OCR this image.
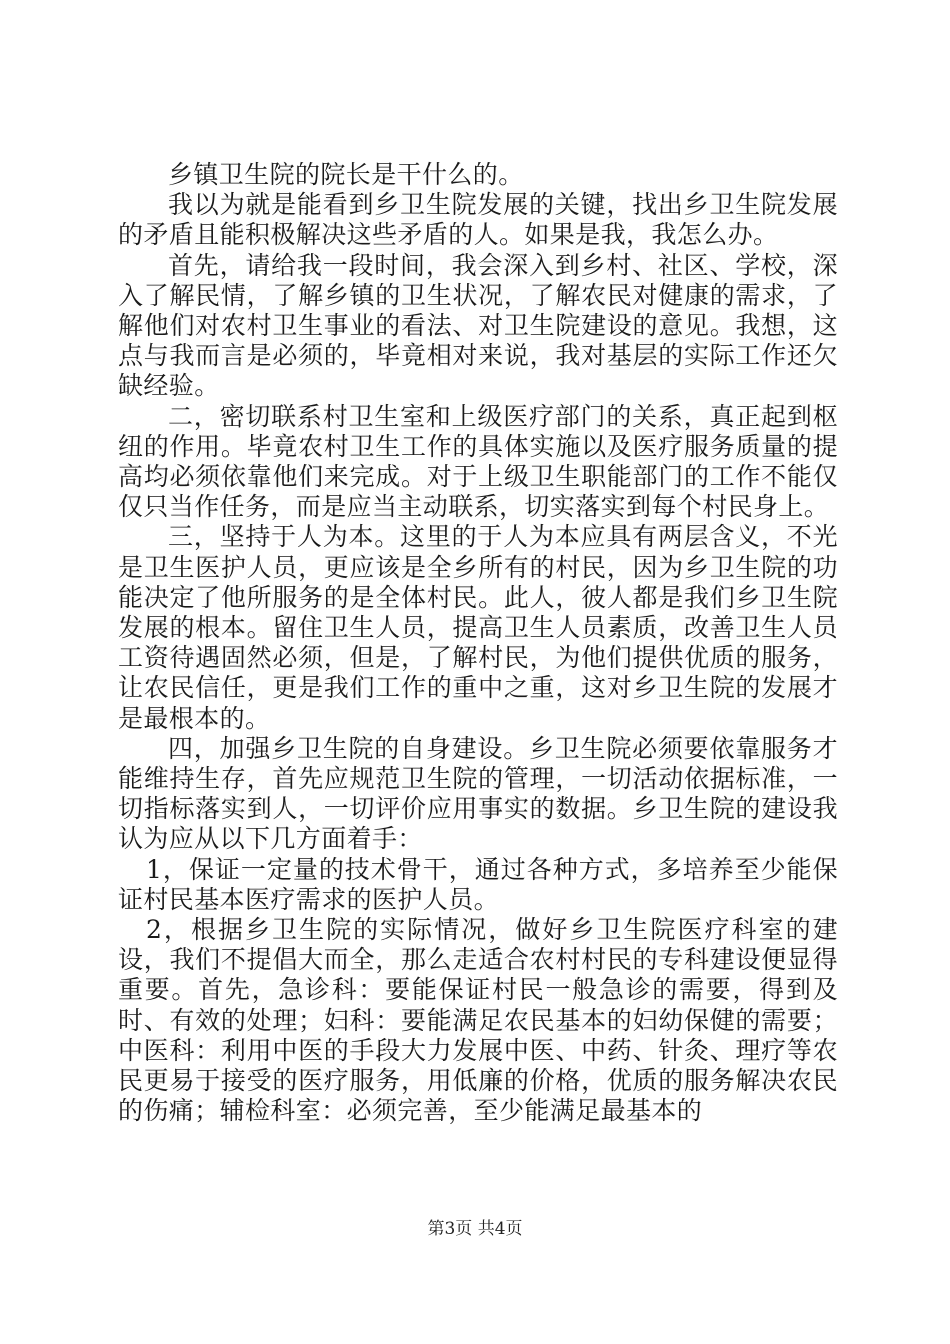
乡镇卫生院的院长是干什么的。

我以为就是能看到乡卫生院发展的关键，找出乡卫生院发展的矛盾且能积极解决这些矛盾的人。如果是我，我怎么办。

首先，请给我一段时间，我会深入到乡村、社区、学校，深入了解民情，了解乡镇的卫生状况，了解农民对健康的需求，了解他们对农村卫生事业的看法、对卫生院建设的意见。我想，这点与我而言是必须的，毕竟相对来说，我对基层的实际工作还欠缺经验。

二，密切联系村卫生室和上级医疗部门的关系，真正起到枢纽的作用。毕竟农村卫生工作的具体实施以及医疗服务质量的提高均必须依靠他们来完成。对于上级卫生职能部门的工作不能仅仅只当作任务，而是应当主动联系，切实落实到每个村民身上。

三，坚持于人为本。这里的于人为本应具有两层含义，不光是卫生医护人员，更应该是全乡所有的村民，因为乡卫生院的功能决定了他所服务的是全体村民。此人，彼人都是我们乡卫生院发展的根本。留住卫生人员，提高卫生人员素质，改善卫生人员工资待遇固然必须，但是，了解村民，为他们提供优质的服务，让农民信任，更是我们工作的重中之重，这对乡卫生院的发展才是最根本的。

四，加强乡卫生院的自身建设。乡卫生院必须要依靠服务才能维持生存，首先应规范卫生院的管理，一切活动依据标准，一切指标落实到人，一切评价应用事实的数据。乡卫生院的建设我认为应从以下几方面着手：

1，保证一定量的技术骨干，通过各种方式，多培养至少能保证村民基本医疗需求的医护人员。

2，根据乡卫生院的实际情况，做好乡卫生院医疗科室的建设，我们不提倡大而全，那么走适合农村村民的专科建设便显得重要。首先，急诊科：要能保证村民一般急诊的需要，得到及时、有效的处理；妇科：要能满足农民基本的妇幼保健的需要；中医科：利用中医的手段大力发展中医、中药、针灸、理疗等农民更易于接受的医疗服务，用低廉的价格，优质的服务解决农民的伤痛；辅检科室：必须完善，至少能满足最基本的

第3页 共4页
